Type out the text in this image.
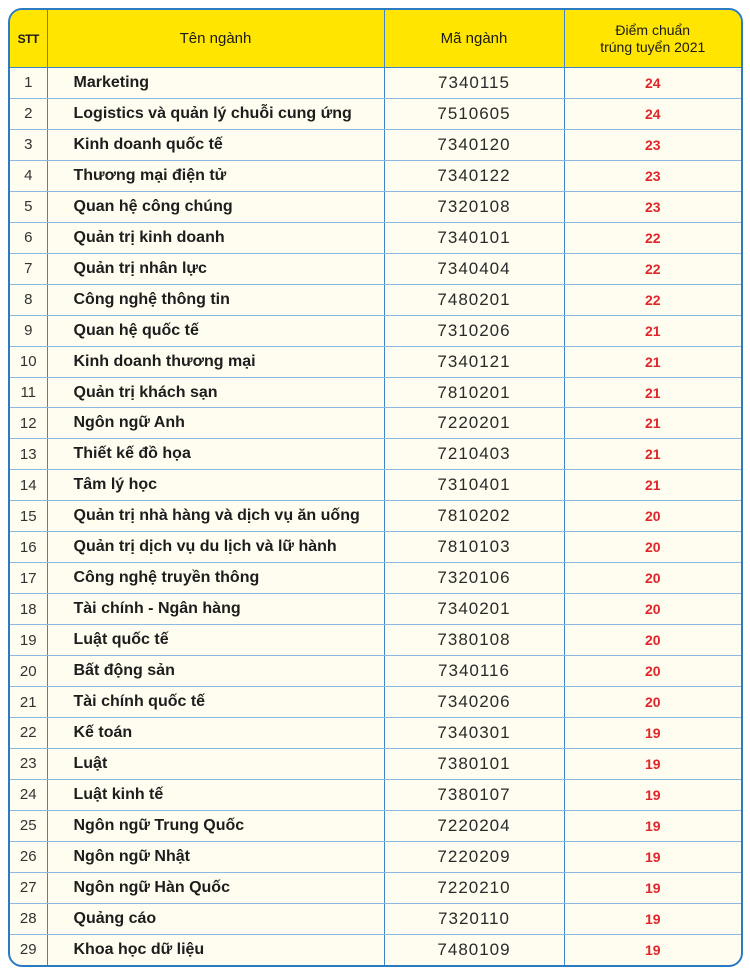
STT	Tên ngành	Mã ngành	Điểm chuẩn
trúng tuyển 2021

1	Marketing	7340115	24
2	Logistics và quản lý chuỗi cung ứng	7510605	24
3	Kinh doanh quốc tế	7340120	23
4	Thương mại điện tử	7340122	23
5	Quan hệ công chúng	7320108	23
6	Quản trị kinh doanh	7340101	22
7	Quản trị nhân lực	7340404	22
8	Công nghệ thông tin	7480201	22
9	Quan hệ quốc tế	7310206	21
10	Kinh doanh thương mại	7340121	21
11	Quản trị khách sạn	7810201	21
12	Ngôn ngữ Anh	7220201	21
13	Thiết kế đồ họa	7210403	21
14	Tâm lý học	7310401	21
15	Quản trị nhà hàng và dịch vụ ăn uống	7810202	20
16	Quản trị dịch vụ du lịch và lữ hành	7810103	20
17	Công nghệ truyền thông	7320106	20
18	Tài chính - Ngân hàng	7340201	20
19	Luật quốc tế	7380108	20
20	Bất động sản	7340116	20
21	Tài chính quốc tế	7340206	20
22	Kế toán	7340301	19
23	Luật	7380101	19
24	Luật kinh tế	7380107	19
25	Ngôn ngữ Trung Quốc	7220204	19
26	Ngôn ngữ Nhật	7220209	19
27	Ngôn ngữ Hàn Quốc	7220210	19
28	Quảng cáo	7320110	19
29	Khoa học dữ liệu	7480109	19
